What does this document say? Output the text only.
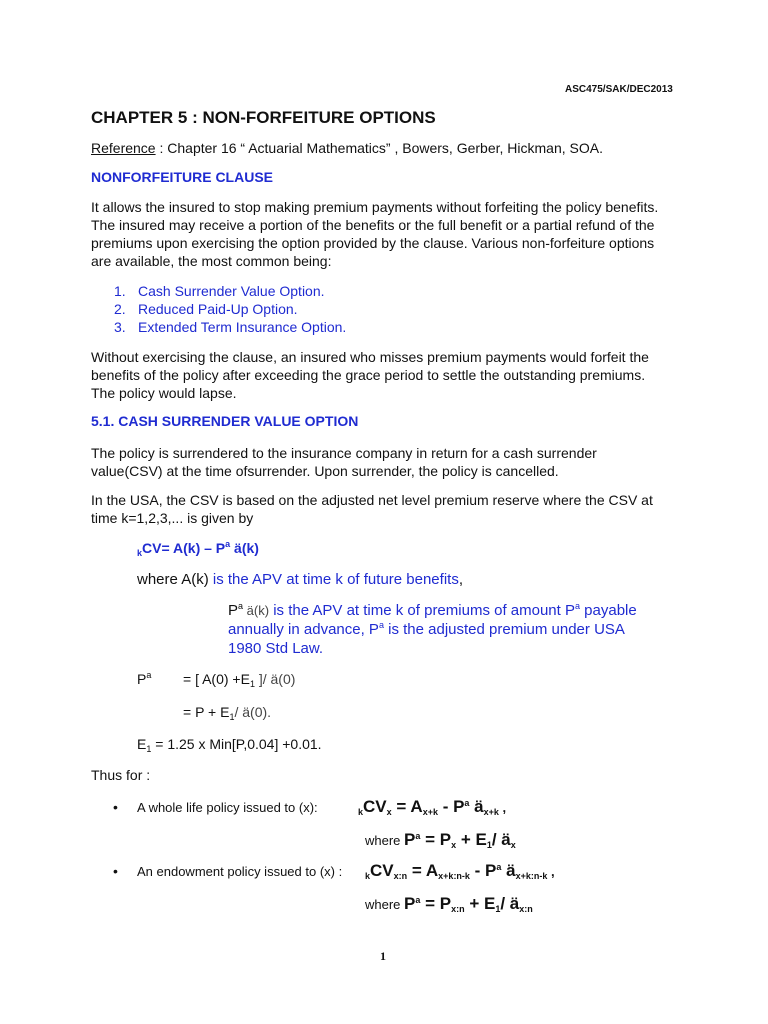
ASC475/SAK/DEC2013
CHAPTER 5 : NON-FORFEITURE OPTIONS
Reference : Chapter 16 “ Actuarial Mathematics” , Bowers, Gerber, Hickman, SOA.
NONFORFEITURE CLAUSE
It allows the insured to stop making premium payments without forfeiting the policy benefits.
The insured may receive a portion of the benefits or the full benefit or a partial refund of the
premiums upon exercising the option provided by the clause. Various non-forfeiture options
are available, the most common being:
1. Cash Surrender Value Option.
2. Reduced Paid-Up Option.
3. Extended Term Insurance Option.
Without exercising the clause, an insured who misses premium payments would forfeit the
benefits of the policy after exceeding the grace period to settle the outstanding premiums.
The policy would lapse.
5.1. CASH SURRENDER VALUE OPTION
The policy is surrendered to the insurance company in return for a cash surrender
value(CSV) at the time ofsurrender. Upon surrender, the policy is cancelled.
In the USA, the CSV is based on the adjusted net level premium reserve where the CSV at
time k=1,2,3,... is given by
$_kCV= A(k) - P^a$ ä(k)
where A(k) is the APV at time k of future benefits,
$P^a$ ä(k) is the APV at time k of premiums of amount $P^a$ payable
annually in advance, $P^a$ is the adjusted premium under USA
1980 Std Law.
$P^a$ = [ $A(0) +E_1$ ]/ ä(0)
= $P + E_1/$ ä(0).
$E_1 = 1.25$ x Min[P,0.04] +0.01.
Thus for :
• A whole life policy issued to (x):	$_kCV_x = A_{x+k} - P^a$ $ä_{x+k}$ ,
where $P^a = P_x + E_1/$ $ä_x$
• An endowment policy issued to (x) :	$_kCV_{x:n} = A_{x+k:n-k} - P^a$ $ä_{x+k:n-k}$ ,
where $P^a = P_{x:n} + E_1/$ $ä_{x:n}$
1
